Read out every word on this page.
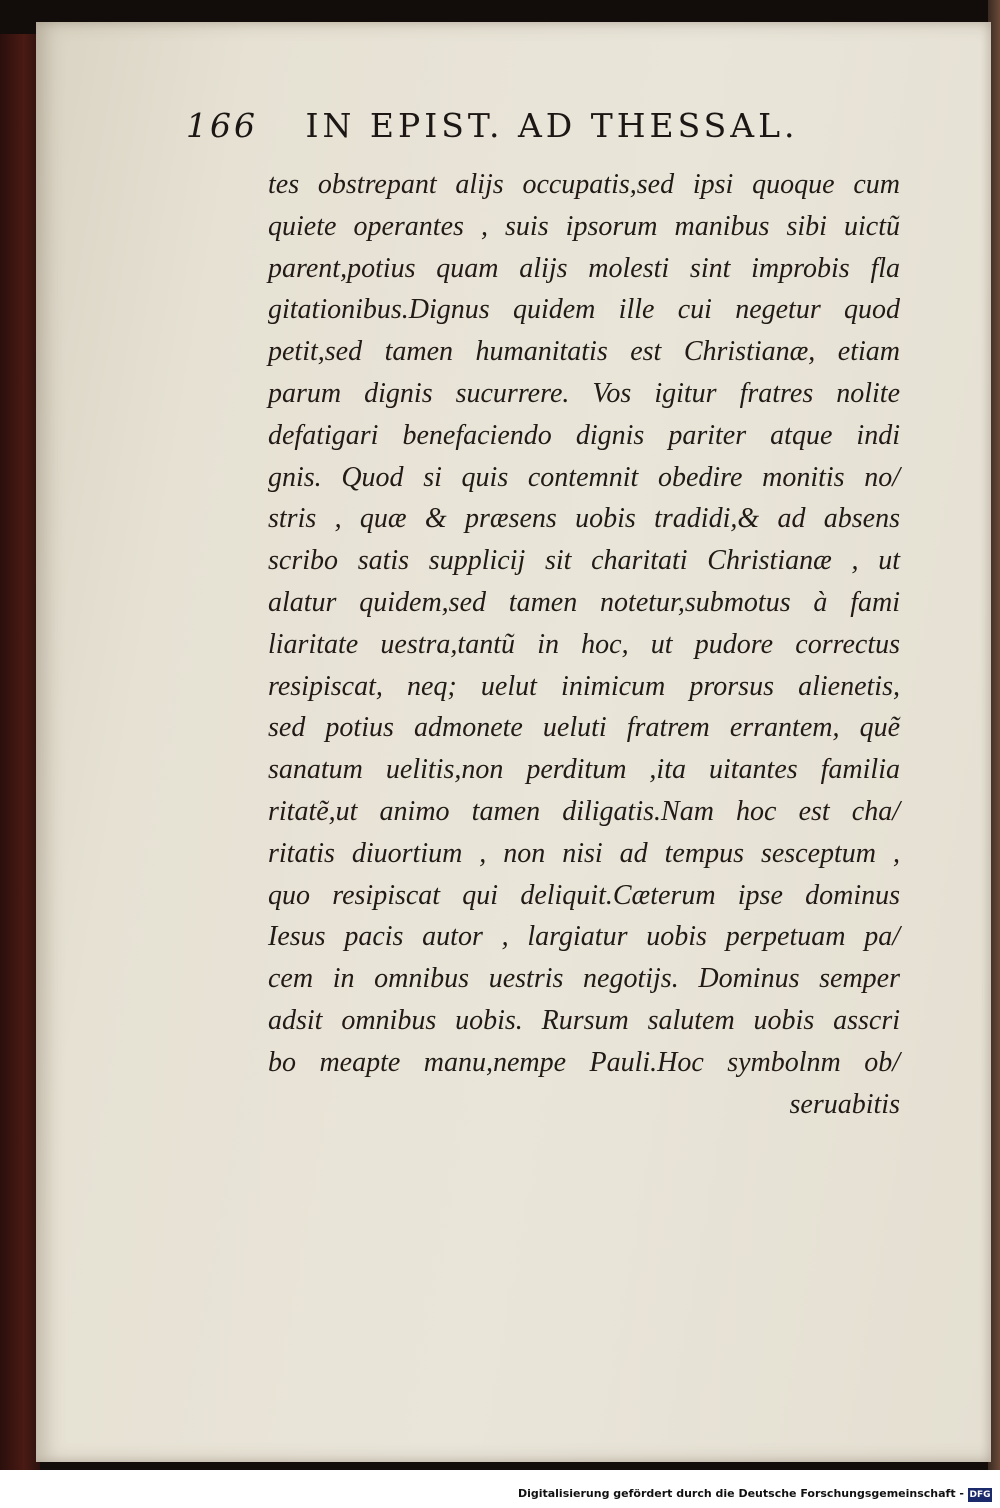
166 IN EPIST. AD THESSAL.
tes obstrepant alijs occupatis,sed ipsi quoque cum
quiete operantes , suis ipsorum manibus sibi uictũ
parent,potius quam alijs molesti sint improbis fla
gitationibus.Dignus quidem ille cui negetur quod
petit,sed tamen humanitatis est Christianæ, etiam
parum dignis sucurrere. Vos igitur fratres nolite
defatigari benefaciendo dignis pariter atque indi
gnis. Quod si quis contemnit obedire monitis no/
stris , quæ & præsens uobis tradidi,& ad absens
scribo satis supplicij sit charitati Christianæ , ut
alatur quidem,sed tamen notetur,submotus à fami
liaritate uestra,tantũ in hoc, ut pudore correctus
resipiscat, neq; uelut inimicum prorsus alienetis,
sed potius admonete ueluti fratrem errantem, quẽ
sanatum uelitis,non perditum ,ita uitantes familia
ritatẽ,ut animo tamen diligatis.Nam hoc est cha/
ritatis diuortium , non nisi ad tempus sesceptum ,
quo resipiscat qui deliquit.Cæterum ipse dominus
Iesus pacis autor , largiatur uobis perpetuam pa/
cem in omnibus uestris negotijs. Dominus semper
adsit omnibus uobis. Rursum salutem uobis asscri
bo meapte manu,nempe Pauli.Hoc symbolnm ob/
seruabitis
Digitalisierung gefördert durch die Deutsche Forschungsgemeinschaft - DFG
